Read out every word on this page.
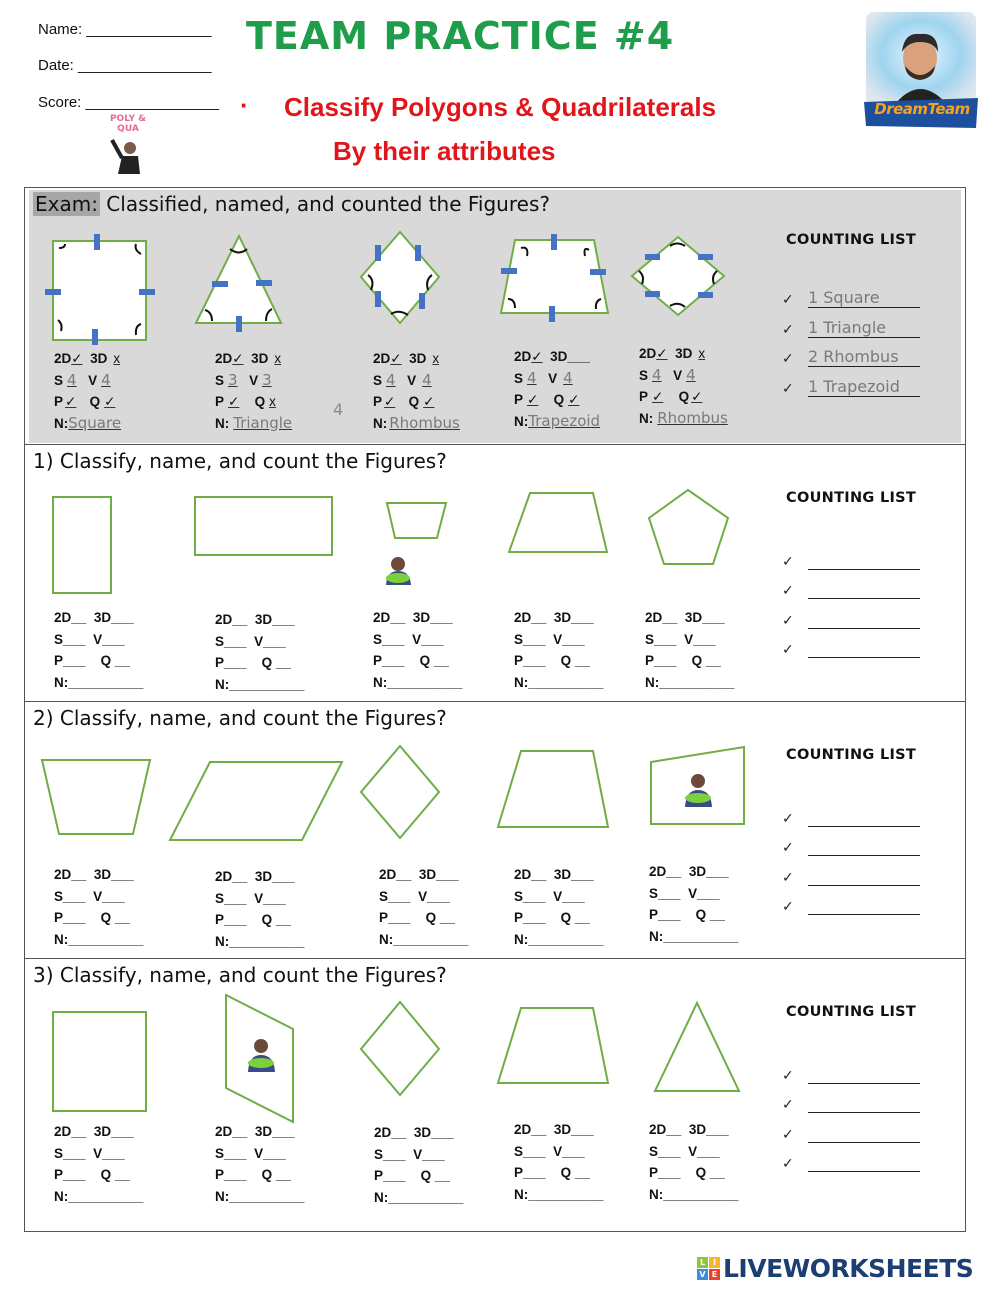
Name: _______________
Date: ________________
Score: ________________
POLY & QUA
TEAM PRACTICE #4
· Classify Polygons & Quadrilaterals
By their attributes
DreamTeam
Exam: Classified, named, and counted the Figures?
2D✓ 3D x
S 4 V 4
P ✓ Q ✓
N:Square
2D✓ 3D x
S 3 V 3
P ✓ Q x
N: Triangle
4
2D✓ 3D x
S 4 V 4
P ✓ Q ✓
N: Rhombus
2D✓ 3D___
S 4 V 4
P ✓ Q ✓
N:Trapezoid
2D✓ 3D x
S 4 V 4
P ✓ Q ✓
N: Rhombus
COUNTING LIST
✓ 1 Square
✓ 1 Triangle
✓ 2 Rhombus
✓ 1 Trapezoid
1) Classify, name, and count the Figures?
2D__ 3D___
S___ V___
P___ Q __
N:__________
2D__ 3D___
S___ V___
P___ Q __
N:__________
2D__ 3D___
S___ V___
P___ Q __
N:__________
2D__ 3D___
S___ V___
P___ Q __
N:__________
2D__ 3D___
S___ V___
P___ Q __
N:__________
COUNTING LIST
✓
✓
✓
✓
2) Classify, name, and count the Figures?
2D__ 3D___
S___ V___
P___ Q __
N:__________
2D__ 3D___
S___ V___
P___ Q __
N:__________
2D__ 3D___
S___ V___
P___ Q __
N:__________
2D__ 3D___
S___ V___
P___ Q __
N:__________
2D__ 3D___
S___ V___
P___ Q __
N:__________
COUNTING LIST
✓
✓
✓
✓
3) Classify, name, and count the Figures?
2D__ 3D___
S___ V___
P___ Q __
N:__________
2D__ 3D___
S___ V___
P___ Q __
N:__________
2D__ 3D___
S___ V___
P___ Q __
N:__________
2D__ 3D___
S___ V___
P___ Q __
N:__________
2D__ 3D___
S___ V___
P___ Q __
N:__________
COUNTING LIST
✓
✓
✓
✓
L I
V E LIVEWORKSHEETS
